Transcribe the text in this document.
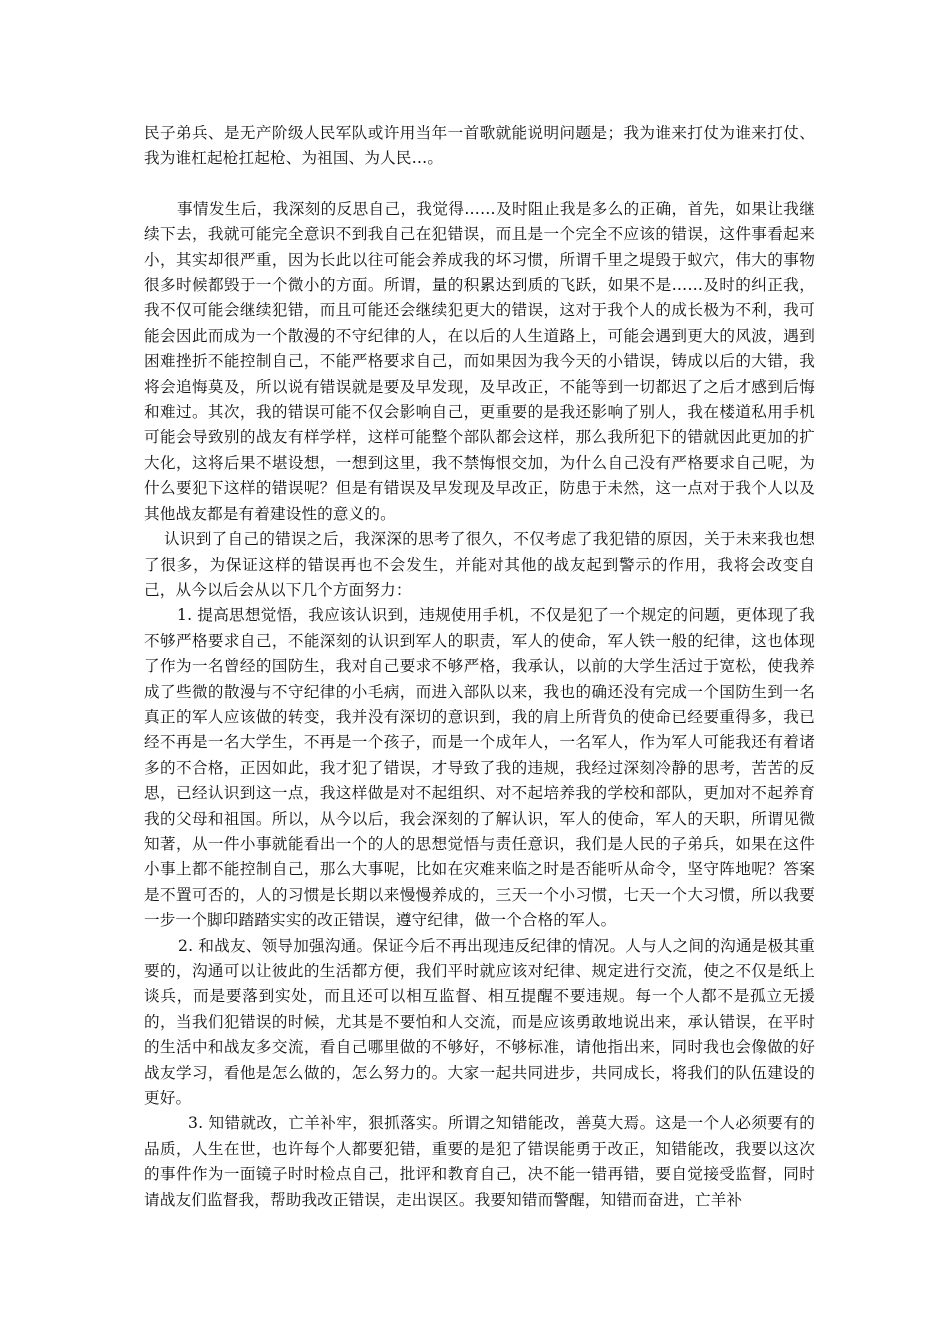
民子弟兵、是无产阶级人民军队或许用当年一首歌就能说明问题是；我为谁来打仗为谁来打仗、我为谁杠起枪扛起枪、为祖国、为人民…。

事情发生后，我深刻的反思自己，我觉得……及时阻止我是多么的正确，首先，如果让我继续下去，我就可能完全意识不到我自己在犯错误，而且是一个完全不应该的错误，这件事看起来小，其实却很严重，因为长此以往可能会养成我的坏习惯，所谓千里之堤毁于蚁穴，伟大的事物很多时候都毁于一个微小的方面。所谓，量的积累达到质的飞跃，如果不是……及时的纠正我，我不仅可能会继续犯错，而且可能还会继续犯更大的错误，这对于我个人的成长极为不利，我可能会因此而成为一个散漫的不守纪律的人，在以后的人生道路上，可能会遇到更大的风波，遇到困难挫折不能控制自己，不能严格要求自己，而如果因为我今天的小错误，铸成以后的大错，我将会追悔莫及，所以说有错误就是要及早发现，及早改正，不能等到一切都迟了之后才感到后悔和难过。其次，我的错误可能不仅会影响自己，更重要的是我还影响了别人，我在楼道私用手机可能会导致别的战友有样学样，这样可能整个部队都会这样，那么我所犯下的错就因此更加的扩大化，这将后果不堪设想，一想到这里，我不禁悔恨交加，为什么自己没有严格要求自己呢，为什么要犯下这样的错误呢？但是有错误及早发现及早改正，防患于未然，这一点对于我个人以及其他战友都是有着建设性的意义的。

认识到了自己的错误之后，我深深的思考了很久，不仅考虑了我犯错的原因，关于未来我也想了很多，为保证这样的错误再也不会发生，并能对其他的战友起到警示的作用，我将会改变自己，从今以后会从以下几个方面努力：

1. 提高思想觉悟，我应该认识到，违规使用手机，不仅是犯了一个规定的问题，更体现了我不够严格要求自己，不能深刻的认识到军人的职责，军人的使命，军人铁一般的纪律，这也体现了作为一名曾经的国防生，我对自己要求不够严格，我承认，以前的大学生活过于宽松，使我养成了些微的散漫与不守纪律的小毛病，而进入部队以来，我也的确还没有完成一个国防生到一名真正的军人应该做的转变，我并没有深切的意识到，我的肩上所背负的使命已经要重得多，我已经不再是一名大学生，不再是一个孩子，而是一个成年人，一名军人，作为军人可能我还有着诸多的不合格，正因如此，我才犯了错误，才导致了我的违规，我经过深刻冷静的思考，苦苦的反思，已经认识到这一点，我这样做是对不起组织、对不起培养我的学校和部队，更加对不起养育我的父母和祖国。所以，从今以后，我会深刻的了解认识，军人的使命，军人的天职，所谓见微知著，从一件小事就能看出一个的人的思想觉悟与责任意识，我们是人民的子弟兵，如果在这件小事上都不能控制自己，那么大事呢，比如在灾难来临之时是否能听从命令，坚守阵地呢？答案是不置可否的，人的习惯是长期以来慢慢养成的，三天一个小习惯，七天一个大习惯，所以我要一步一个脚印踏踏实实的改正错误，遵守纪律，做一个合格的军人。

2. 和战友、领导加强沟通。保证今后不再出现违反纪律的情况。人与人之间的沟通是极其重要的，沟通可以让彼此的生活都方便，我们平时就应该对纪律、规定进行交流，使之不仅是纸上谈兵，而是要落到实处，而且还可以相互监督、相互提醒不要违规。每一个人都不是孤立无援的，当我们犯错误的时候，尤其是不要怕和人交流，而是应该勇敢地说出来，承认错误，在平时的生活中和战友多交流，看自己哪里做的不够好，不够标准，请他指出来，同时我也会像做的好战友学习，看他是怎么做的，怎么努力的。大家一起共同进步，共同成长，将我们的队伍建设的更好。

3. 知错就改，亡羊补牢，狠抓落实。所谓之知错能改，善莫大焉。这是一个人必须要有的品质，人生在世，也许每个人都要犯错，重要的是犯了错误能勇于改正，知错能改，我要以这次的事件作为一面镜子时时检点自己，批评和教育自己，决不能一错再错，要自觉接受监督，同时请战友们监督我，帮助我改正错误，走出误区。我要知错而警醒，知错而奋进，亡羊补
